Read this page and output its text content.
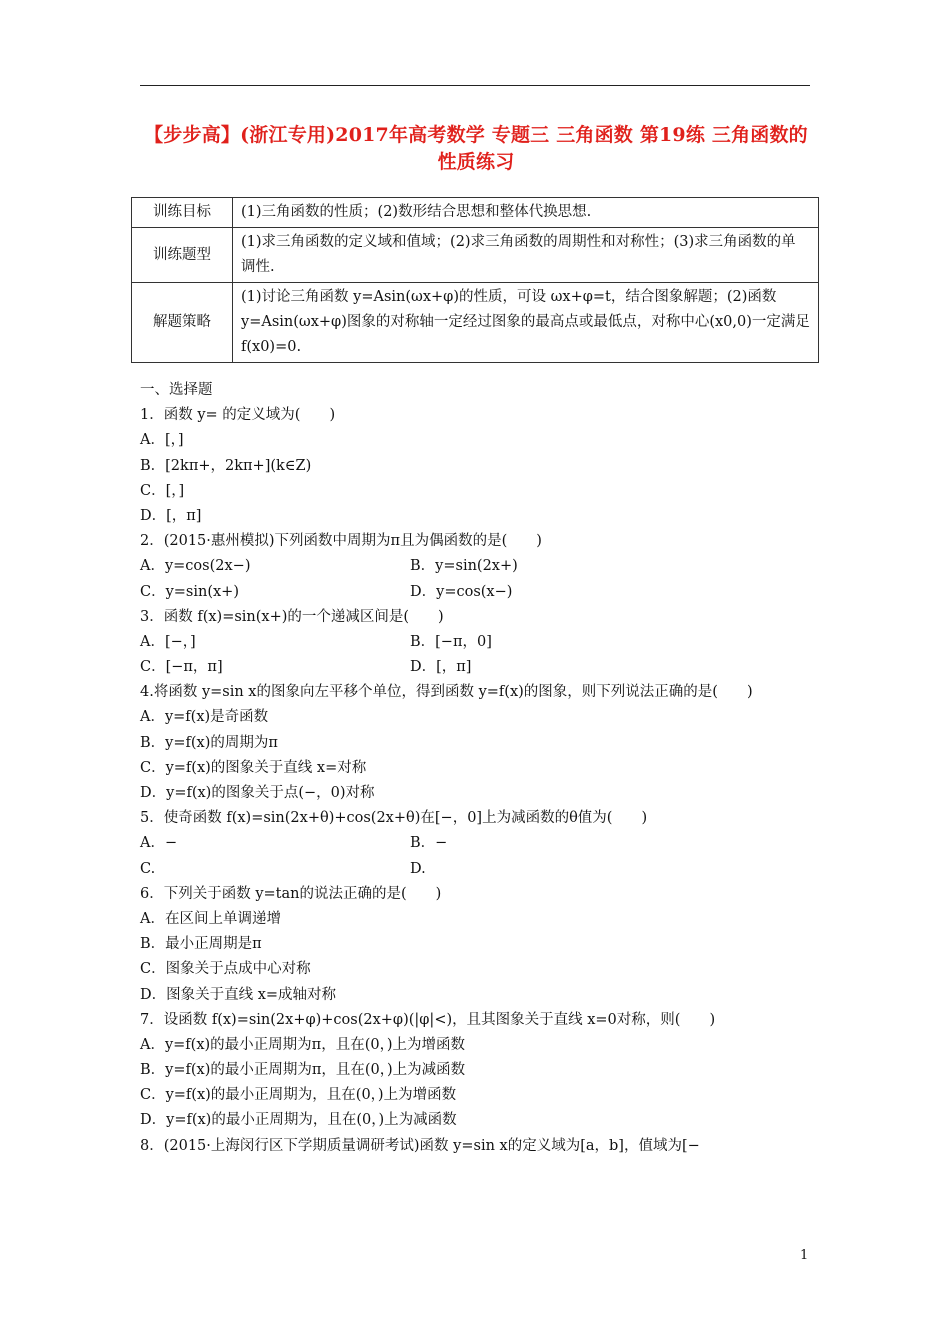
【步步高】(浙江专用)2017年高考数学 专题三 三角函数 第19练 三角函数的性质练习
训练目标	(1)三角函数的性质；(2)数形结合思想和整体代换思想.
训练题型	(1)求三角函数的定义域和值域；(2)求三角函数的周期性和对称性；(3)求三角函数的单调性.
解题策略	(1)讨论三角函数 y=Asin(ωx+φ)的性质，可设 ωx+φ=t，结合图象解题；(2)函数 y=Asin(ωx+φ)图象的对称轴一定经过图象的最高点或最低点，对称中心(x0,0)一定满足 f(x0)=0.
一、选择题
1．函数 y= 的定义域为(　　)
A．[，]
B．[2kπ+，2kπ+](k∈Z)
C．[，]
D．[，π]
2．(2015·惠州模拟)下列函数中周期为π且为偶函数的是(　　)
A．y=cos(2x−)	B．y=sin(2x+)
C．y=sin(x+)	D．y=cos(x−)
3．函数 f(x)=sin(x+)的一个递减区间是(　　)
A．[−，]	B．[−π，0]
C．[−π，π]	D．[，π]
4.将函数 y=sin x的图象向左平移个单位，得到函数 y=f(x)的图象，则下列说法正确的是(　　)
A．y=f(x)是奇函数
B．y=f(x)的周期为π
C．y=f(x)的图象关于直线 x=对称
D．y=f(x)的图象关于点(−，0)对称
5．使奇函数 f(x)=sin(2x+θ)+cos(2x+θ)在[−，0]上为减函数的θ值为(　　)
A．−	B．−
C.	D.
6．下列关于函数 y=tan的说法正确的是(　　)
A．在区间上单调递增
B．最小正周期是π
C．图象关于点成中心对称
D．图象关于直线 x=成轴对称
7．设函数 f(x)=sin(2x+φ)+cos(2x+φ)(|φ|<)，且其图象关于直线 x=0对称，则(　　)
A．y=f(x)的最小正周期为π，且在(0，)上为增函数
B．y=f(x)的最小正周期为π，且在(0，)上为减函数
C．y=f(x)的最小正周期为，且在(0，)上为增函数
D．y=f(x)的最小正周期为，且在(0，)上为减函数
8．(2015·上海闵行区下学期质量调研考试)函数 y=sin x的定义域为[a，b]，值域为[−
1
